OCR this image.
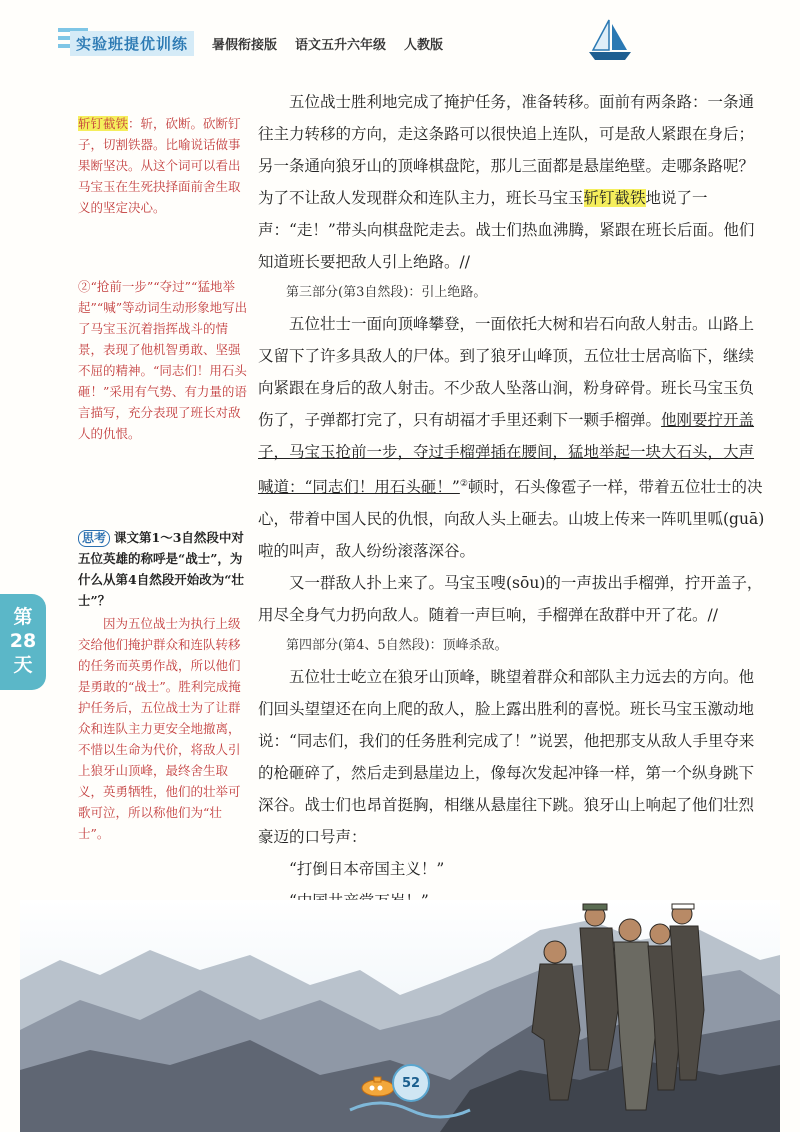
实验班提优训练	暑假衔接版 语文五升六年级 人教版
第
28
天
斩钉截铁：斩，砍断。砍断钉子，切割铁器。比喻说话做事果断坚决。从这个词可以看出马宝玉在生死抉择面前舍生取义的坚定决心。
②“抢前一步”“夺过”“猛地举起”“喊”等动词生动形象地写出了马宝玉沉着指挥战斗的情景，表现了他机智勇敢、坚强不屈的精神。“同志们！用石头砸！”采用有气势、有力量的语言描写，充分表现了班长对敌人的仇恨。
思考 课文第1～3自然段中对五位英雄的称呼是“战士”，为什么从第4自然段开始改为“壮士”？
因为五位战士为执行上级交给他们掩护群众和连队转移的任务而英勇作战，所以他们是勇敢的“战士”。胜利完成掩护任务后，五位战士为了让群众和连队主力更安全地撤离，不惜以生命为代价，将敌人引上狼牙山顶峰，最终舍生取义，英勇牺牲，他们的壮举可歌可泣，所以称他们为“壮士”。

五位战士胜利地完成了掩护任务，准备转移。面前有两条路：一条通往主力转移的方向，走这条路可以很快追上连队，可是敌人紧跟在身后；另一条通向狼牙山的顶峰棋盘陀，那儿三面都是悬崖绝壁。走哪条路呢？为了不让敌人发现群众和连队主力，班长马宝玉斩钉截铁地说了一声：“走！”带头向棋盘陀走去。战士们热血沸腾，紧跟在班长后面。他们知道班长要把敌人引上绝路。//

第三部分(第3自然段)：引上绝路。

五位壮士一面向顶峰攀登，一面依托大树和岩石向敌人射击。山路上又留下了许多具敌人的尸体。到了狼牙山峰顶，五位壮士居高临下，继续向紧跟在身后的敌人射击。不少敌人坠落山涧，粉身碎骨。班长马宝玉负伤了，子弹都打完了，只有胡福才手里还剩下一颗手榴弹。他刚要拧开盖子，马宝玉抢前一步，夺过手榴弹插在腰间，猛地举起一块大石头，大声喊道：“同志们！用石头砸！”②顿时，石头像雹子一样，带着五位壮士的决心，带着中国人民的仇恨，向敌人头上砸去。山坡上传来一阵叽里呱(guā)啦的叫声，敌人纷纷滚落深谷。

又一群敌人扑上来了。马宝玉嗖(sōu)的一声拔出手榴弹，拧开盖子，用尽全身气力扔向敌人。随着一声巨响，手榴弹在敌群中开了花。//

第四部分(第4、5自然段)：顶峰杀敌。

五位壮士屹立在狼牙山顶峰，眺望着群众和部队主力远去的方向。他们回头望望还在向上爬的敌人，脸上露出胜利的喜悦。班长马宝玉激动地说：“同志们，我们的任务胜利完成了！”说罢，他把那支从敌人手里夺来的枪砸碎了，然后走到悬崖边上，像每次发起冲锋一样，第一个纵身跳下深谷。战士们也昂首挺胸，相继从悬崖往下跳。狼牙山上响起了他们壮烈豪迈的口号声：

“打倒日本帝国主义！”

52
